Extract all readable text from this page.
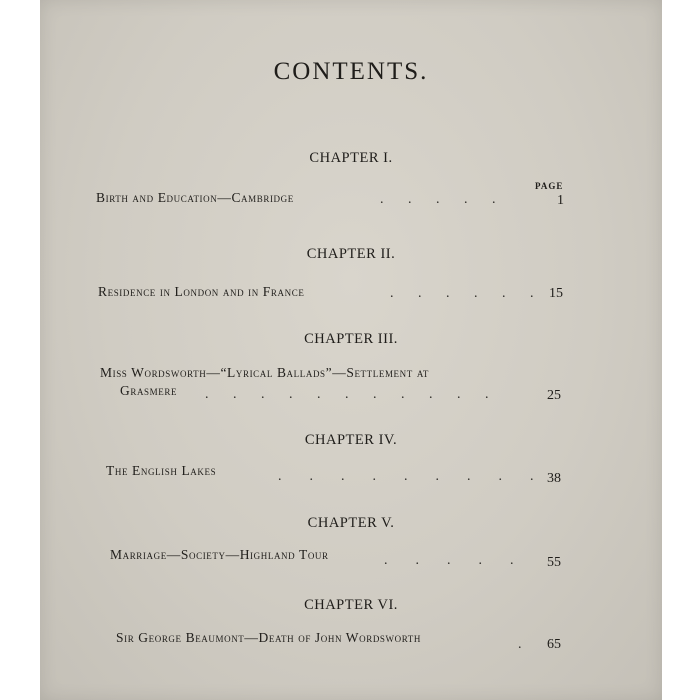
CONTENTS.
CHAPTER I.
PAGE
Birth and Education—Cambridge	.       .       .       .       .	1
CHAPTER II.
Residence in London and in France	.       .       .       .       .       .	15
CHAPTER III.
Miss Wordsworth—“Lyrical Ballads”—Settlement at
Grasmere .       .       .       .       .       .       .       .       .       .       .	25
CHAPTER IV.
The English Lakes	.        .        .        .        .        .        .        .        . 38
CHAPTER V.
Marriage—Society—Highland Tour	.        .        .        .        .	55
CHAPTER VI.
Sir George Beaumont—Death of John Wordsworth	.	65
